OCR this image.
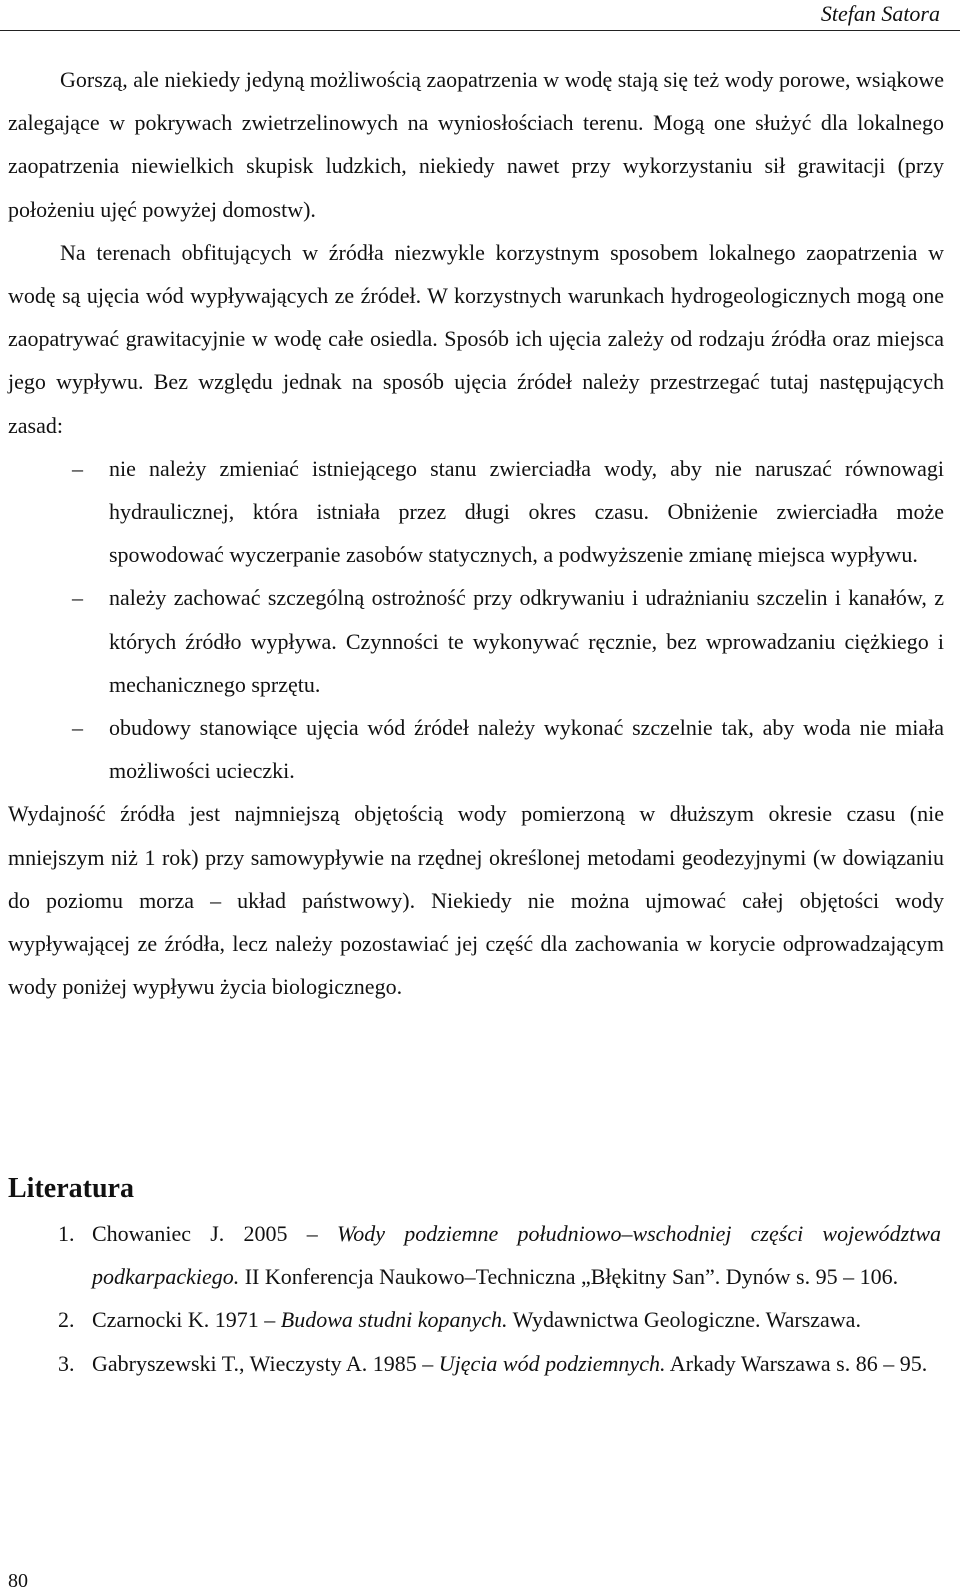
Stefan Satora

Gorszą, ale niekiedy jedyną możliwością zaopatrzenia w wodę stają się też wody porowe, wsiąkowe zalegające w pokrywach zwietrzelinowych na wyniosłościach terenu. Mogą one służyć dla lokalnego zaopatrzenia niewielkich skupisk ludzkich, niekiedy nawet przy wykorzystaniu sił grawitacji (przy położeniu ujęć powyżej domostw).

Na terenach obfitujących w źródła niezwykle korzystnym sposobem lokalnego zaopatrzenia w wodę są ujęcia wód wypływających ze źródeł. W korzystnych warunkach hydrogeologicznych mogą one zaopatrywać grawitacyjnie w wodę całe osiedla. Sposób ich ujęcia zależy od rodzaju źródła oraz miejsca jego wypływu. Bez względu jednak na sposób ujęcia źródeł należy przestrzegać tutaj następujących zasad:

– nie należy zmieniać istniejącego stanu zwierciadła wody, aby nie naruszać równowagi hydraulicznej, która istniała przez długi okres czasu. Obniżenie zwierciadła może spowodować wyczerpanie zasobów statycznych, a podwyższenie zmianę miejsca wypływu.
– należy zachować szczególną ostrożność przy odkrywaniu i udrażnianiu szczelin i kanałów, z których źródło wypływa. Czynności te wykonywać ręcznie, bez wprowadzaniu ciężkiego i mechanicznego sprzętu.
– obudowy stanowiące ujęcia wód źródeł należy wykonać szczelnie tak, aby woda nie miała możliwości ucieczki.

Wydajność źródła jest najmniejszą objętością wody pomierzoną w dłuższym okresie czasu (nie mniejszym niż 1 rok) przy samowypływie na rzędnej określonej metodami geodezyjnymi (w dowiązaniu do poziomu morza – układ państwowy). Niekiedy nie można ujmować całej objętości wody wypływającej ze źródła, lecz należy pozostawiać jej część dla zachowania w korycie odprowadzającym wody poniżej wypływu życia biologicznego.

Literatura
1. Chowaniec J. 2005 – Wody podziemne południowo–wschodniej części województwa podkarpackiego. II Konferencja Naukowo–Techniczna „Błękitny San”. Dynów s. 95 – 106.
2. Czarnocki K. 1971 – Budowa studni kopanych. Wydawnictwa Geologiczne. Warszawa.
3. Gabryszewski T., Wieczysty A. 1985 – Ujęcia wód podziemnych. Arkady Warszawa s. 86 – 95.
80
